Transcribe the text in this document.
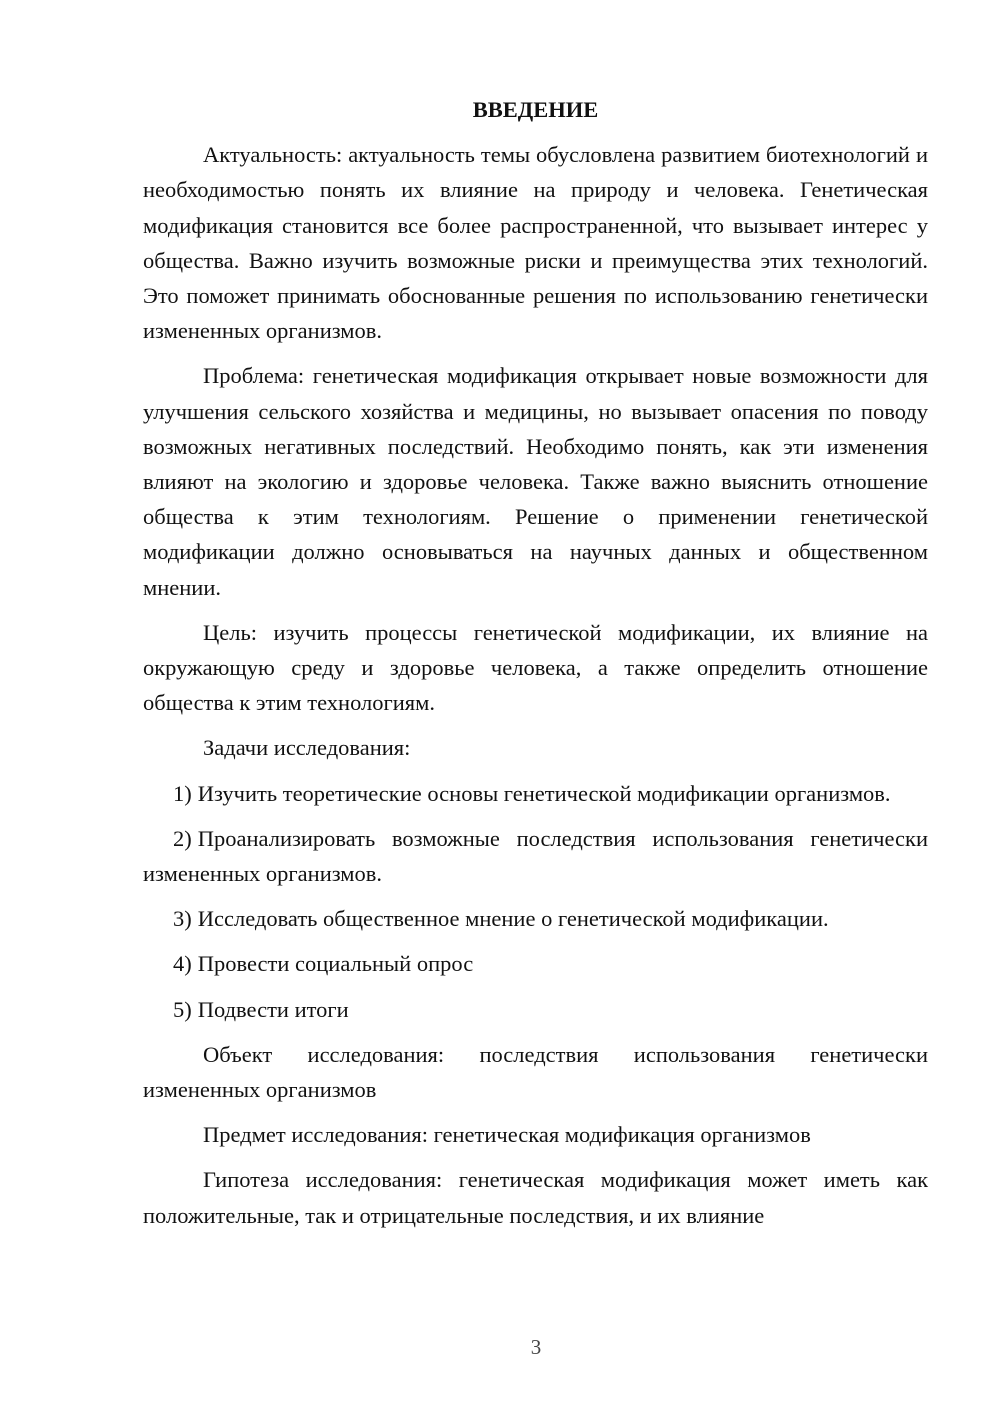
ВВЕДЕНИЕ

Актуальность: актуальность темы обусловлена развитием биотехнологий и необходимостью понять их влияние на природу и человека. Генетическая модификация становится все более распространенной, что вызывает интерес у общества. Важно изучить возможные риски и преимущества этих технологий. Это поможет принимать обоснованные решения по использованию генетически измененных организмов.

Проблема: генетическая модификация открывает новые возможности для улучшения сельского хозяйства и медицины, но вызывает опасения по поводу возможных негативных последствий. Необходимо понять, как эти изменения влияют на экологию и здоровье человека. Также важно выяснить отношение общества к этим технологиям. Решение о применении генетической модификации должно основываться на научных данных и общественном мнении.

Цель: изучить процессы генетической модификации, их влияние на окружающую среду и здоровье человека, а также определить отношение общества к этим технологиям.

Задачи исследования:

1) Изучить теоретические основы генетической модификации организмов.

2) Проанализировать возможные последствия использования генетически измененных организмов.

3) Исследовать общественное мнение о генетической модификации.

4) Провести социальный опрос

5) Подвести итоги

Объект исследования: последствия использования генетически измененных организмов

Предмет исследования: генетическая модификация организмов

Гипотеза исследования: генетическая модификация может иметь как положительные, так и отрицательные последствия, и их влияние

3
